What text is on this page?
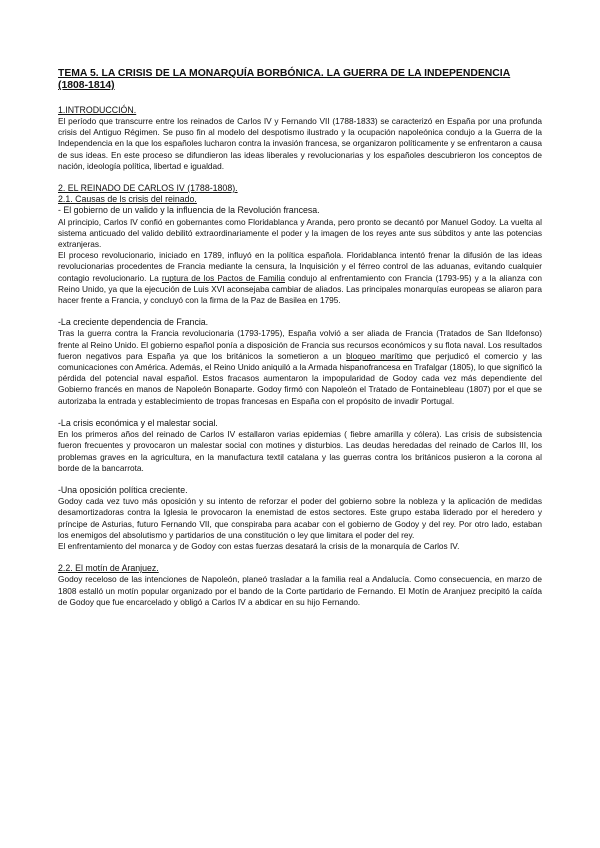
TEMA 5. LA CRISIS DE LA MONARQUÍA BORBÓNICA. LA GUERRA DE LA INDEPENDENCIA (1808-1814)
1.INTRODUCCIÓN.

El período que transcurre entre los reinados de Carlos IV y Fernando VII (1788-1833) se caracterizó en España por una profunda crisis del Antiguo Régimen. Se puso fin al modelo del despotismo ilustrado y la ocupación napoleónica condujo a la Guerra de la Independencia en la que los españoles lucharon contra la invasión francesa, se organizaron políticamente y se enfrentaron a causa de sus ideas. En este proceso se difundieron las ideas liberales y revolucionarias y los españoles descubrieron los conceptos de nación, ideología política, libertad e igualdad.

2. EL REINADO DE CARLOS IV (1788-1808).
2.1. Causas de ls crisis del reinado.
- El gobierno de un valido y la influencia de la Revolución francesa.

Al principio, Carlos IV confió en gobernantes como Floridablanca y Aranda, pero pronto se decantó por Manuel Godoy. La vuelta al sistema anticuado del valido debilitó extraordinariamente el poder y la imagen de los reyes ante sus súbditos y ante las potencias extranjeras.

El proceso revolucionario, iniciado en 1789, influyó en la política española. Floridablanca intentó frenar la difusión de las ideas revolucionarias procedentes de Francia mediante la censura, la Inquisición y el férreo control de las aduanas, evitando cualquier contagio revolucionario. La ruptura de los Pactos de Familia condujo al enfrentamiento con Francia (1793-95) y a la alianza con Reino Unido, ya que la ejecución de Luis XVI aconsejaba cambiar de aliados. Las principales monarquías europeas se aliaron para hacer frente a Francia, y concluyó con la firma de la Paz de Basilea en 1795.

-La creciente dependencia de Francia.

Tras la guerra contra la Francia revolucionaria (1793-1795), España volvió a ser aliada de Francia (Tratados de San Ildefonso) frente al Reino Unido. El gobierno español ponía a disposición de Francia sus recursos económicos y su flota naval. Los resultados fueron negativos para España ya que los británicos la sometieron a un bloqueo marítimo que perjudicó el comercio y las comunicaciones con América. Además, el Reino Unido aniquiló a la Armada hispanofrancesa en Trafalgar (1805), lo que significó la pérdida del potencial naval español. Estos fracasos aumentaron la impopularidad de Godoy cada vez más dependiente del Gobierno francés en manos de Napoleón Bonaparte. Godoy firmó con Napoleón el Tratado de Fontainebleau (1807) por el que se autorizaba la entrada y establecimiento de tropas francesas en España con el propósito de invadir Portugal.

-La crisis económica y el malestar social.

En los primeros años del reinado de Carlos IV estallaron varias epidemias ( fiebre amarilla y cólera). Las crisis de subsistencia fueron frecuentes y provocaron un malestar social con motines y disturbios. Las deudas heredadas del reinado de Carlos III, los problemas graves en la agricultura, en la manufactura textil catalana y las guerras contra los británicos pusieron a la corona al borde de la bancarrota.

-Una oposición política creciente.

Godoy cada vez tuvo más oposición y su intento de reforzar el poder del gobierno sobre la nobleza y la aplicación de medidas desamortizadoras contra la Iglesia le provocaron la enemistad de estos sectores. Este grupo estaba liderado por el heredero y príncipe de Asturias, futuro Fernando VII, que conspiraba para acabar con el gobierno de Godoy y del rey. Por otro lado, estaban los enemigos del absolutismo y partidarios de una constitución o ley que limitara el poder del rey.

El enfrentamiento del monarca y de Godoy con estas fuerzas desatará la crisis de la monarquía de Carlos IV.

2.2. El motín de Aranjuez.

Godoy receloso de las intenciones de Napoleón, planeó trasladar a la familia real a Andalucía. Como consecuencia, en marzo de 1808 estalló un motín popular organizado por el bando de la Corte partidario de Fernando. El Motín de Aranjuez precipitó la caída de Godoy que fue encarcelado y obligó a Carlos IV a abdicar en su hijo Fernando.
